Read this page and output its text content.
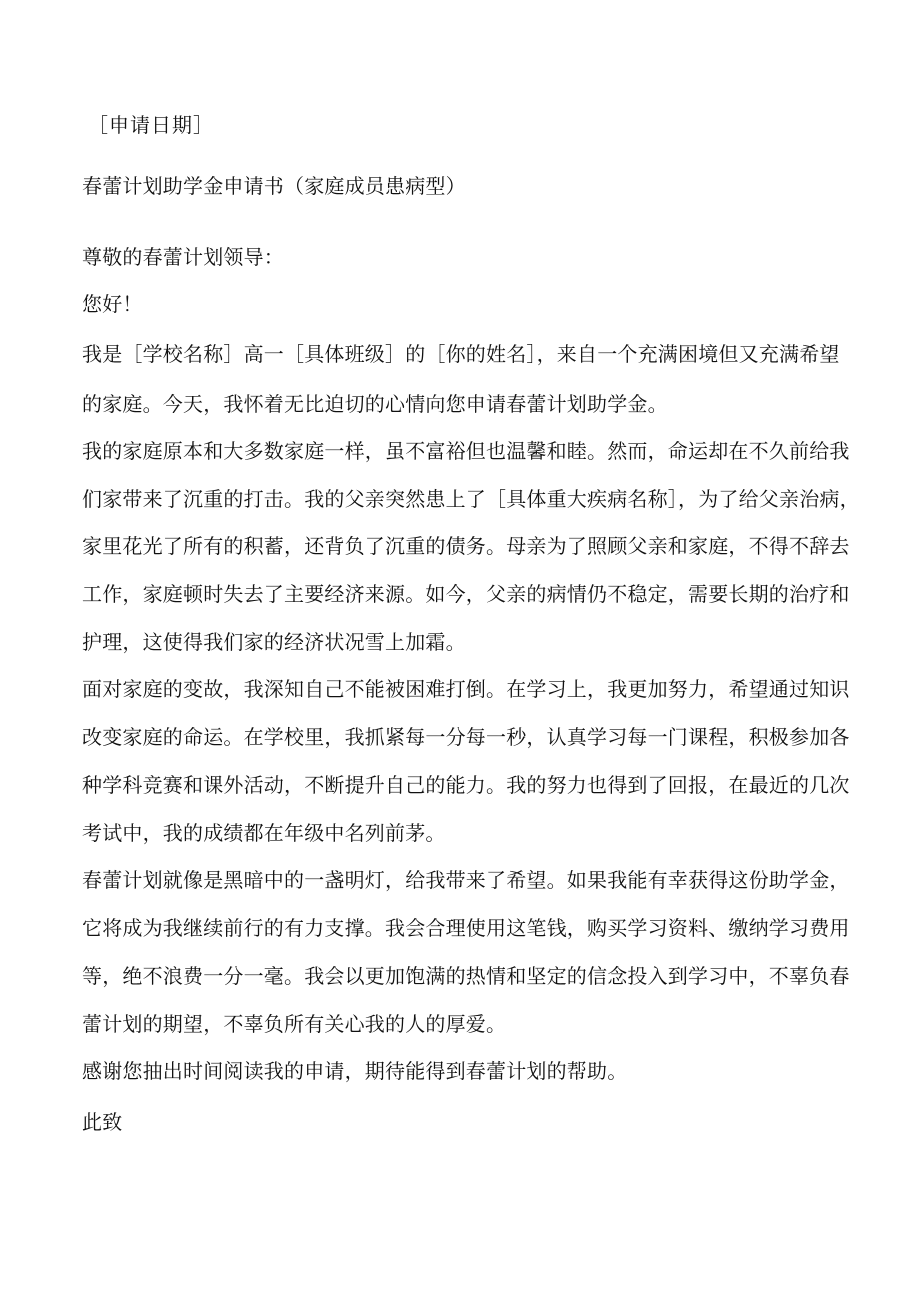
［申请日期］
春蕾计划助学金申请书（家庭成员患病型）
尊敬的春蕾计划领导：
您好！
我是［学校名称］高一［具体班级］的［你的姓名］，来自一个充满困境但又充满希望
的家庭。今天，我怀着无比迫切的心情向您申请春蕾计划助学金。
我的家庭原本和大多数家庭一样，虽不富裕但也温馨和睦。然而，命运却在不久前给我
们家带来了沉重的打击。我的父亲突然患上了［具体重大疾病名称］，为了给父亲治病，
家里花光了所有的积蓄，还背负了沉重的债务。母亲为了照顾父亲和家庭，不得不辞去
工作，家庭顿时失去了主要经济来源。如今，父亲的病情仍不稳定，需要长期的治疗和
护理，这使得我们家的经济状况雪上加霜。
面对家庭的变故，我深知自己不能被困难打倒。在学习上，我更加努力，希望通过知识
改变家庭的命运。在学校里，我抓紧每一分每一秒，认真学习每一门课程，积极参加各
种学科竞赛和课外活动，不断提升自己的能力。我的努力也得到了回报，在最近的几次
考试中，我的成绩都在年级中名列前茅。
春蕾计划就像是黑暗中的一盏明灯，给我带来了希望。如果我能有幸获得这份助学金，
它将成为我继续前行的有力支撑。我会合理使用这笔钱，购买学习资料、缴纳学习费用
等，绝不浪费一分一毫。我会以更加饱满的热情和坚定的信念投入到学习中，不辜负春
蕾计划的期望，不辜负所有关心我的人的厚爱。
感谢您抽出时间阅读我的申请，期待能得到春蕾计划的帮助。
此致
